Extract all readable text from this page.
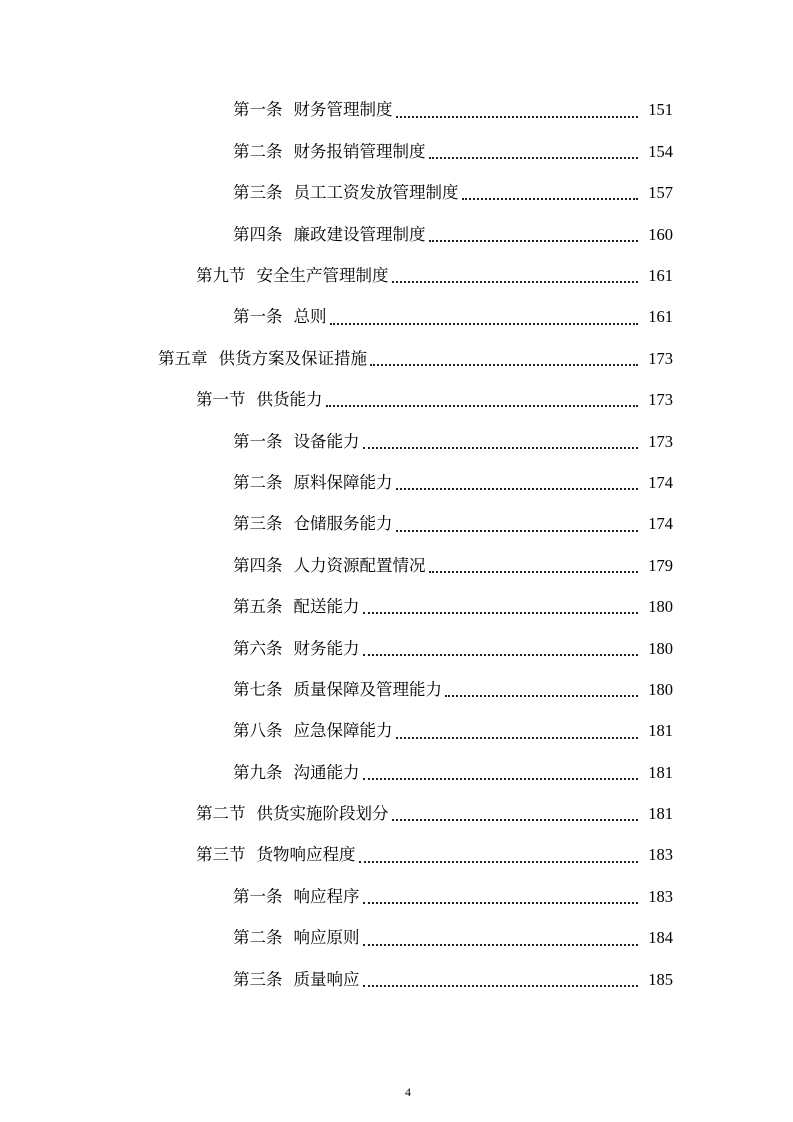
第一条 财务管理制度	151
第二条 财务报销管理制度	154
第三条 员工工资发放管理制度	157
第四条 廉政建设管理制度	160
第九节 安全生产管理制度	161
第一条 总则	161
第五章 供货方案及保证措施	173
第一节 供货能力	173
第一条 设备能力	173
第二条 原料保障能力	174
第三条 仓储服务能力	174
第四条 人力资源配置情况	179
第五条 配送能力	180
第六条 财务能力	180
第七条 质量保障及管理能力	180
第八条 应急保障能力	181
第九条 沟通能力	181
第二节 供货实施阶段划分	181
第三节 货物响应程度	183
第一条 响应程序	183
第二条 响应原则	184
第三条 质量响应	185
4
